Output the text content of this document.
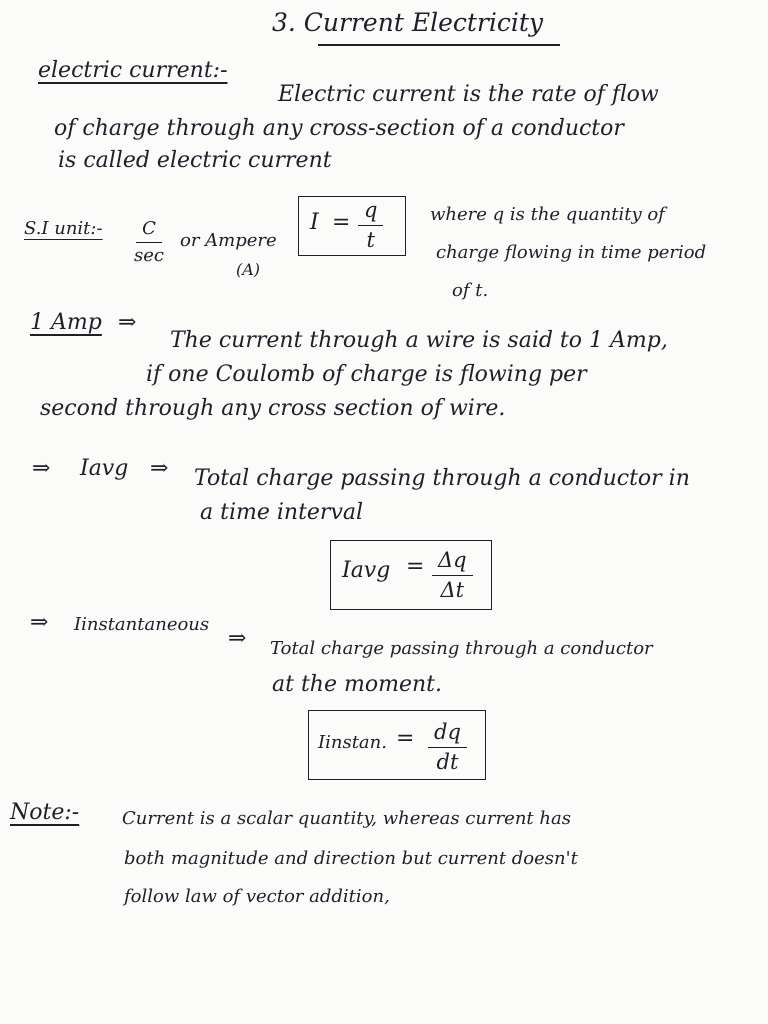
3. Current Electricity
electric current:-
Electric current is the rate of flow
of charge through any cross-section of a conductor
is called electric current
$I = \frac{q}{t}$	where q is the quantity of
charge flowing in time period
of t.
S.I unit:-	C
sec
or Ampere
(A)
1 Amp ⇒
The current through a wire is said to 1 Amp,
if one Coulomb of charge is flowing per
second through any cross section of wire.
⇒ Iavg ⇒ Total charge passing through a conductor in
a time interval
Iavg = $\frac{\Delta q}{\Delta t}$
⇒ Iinstantaneous
⇒ Total charge passing through a conductor
at the moment.
Iinstan. = $\frac{dq}{dt}$
Note:- Current is a scalar quantity, whereas current has
both magnitude and direction but current doesn't
follow law of vector addition,
